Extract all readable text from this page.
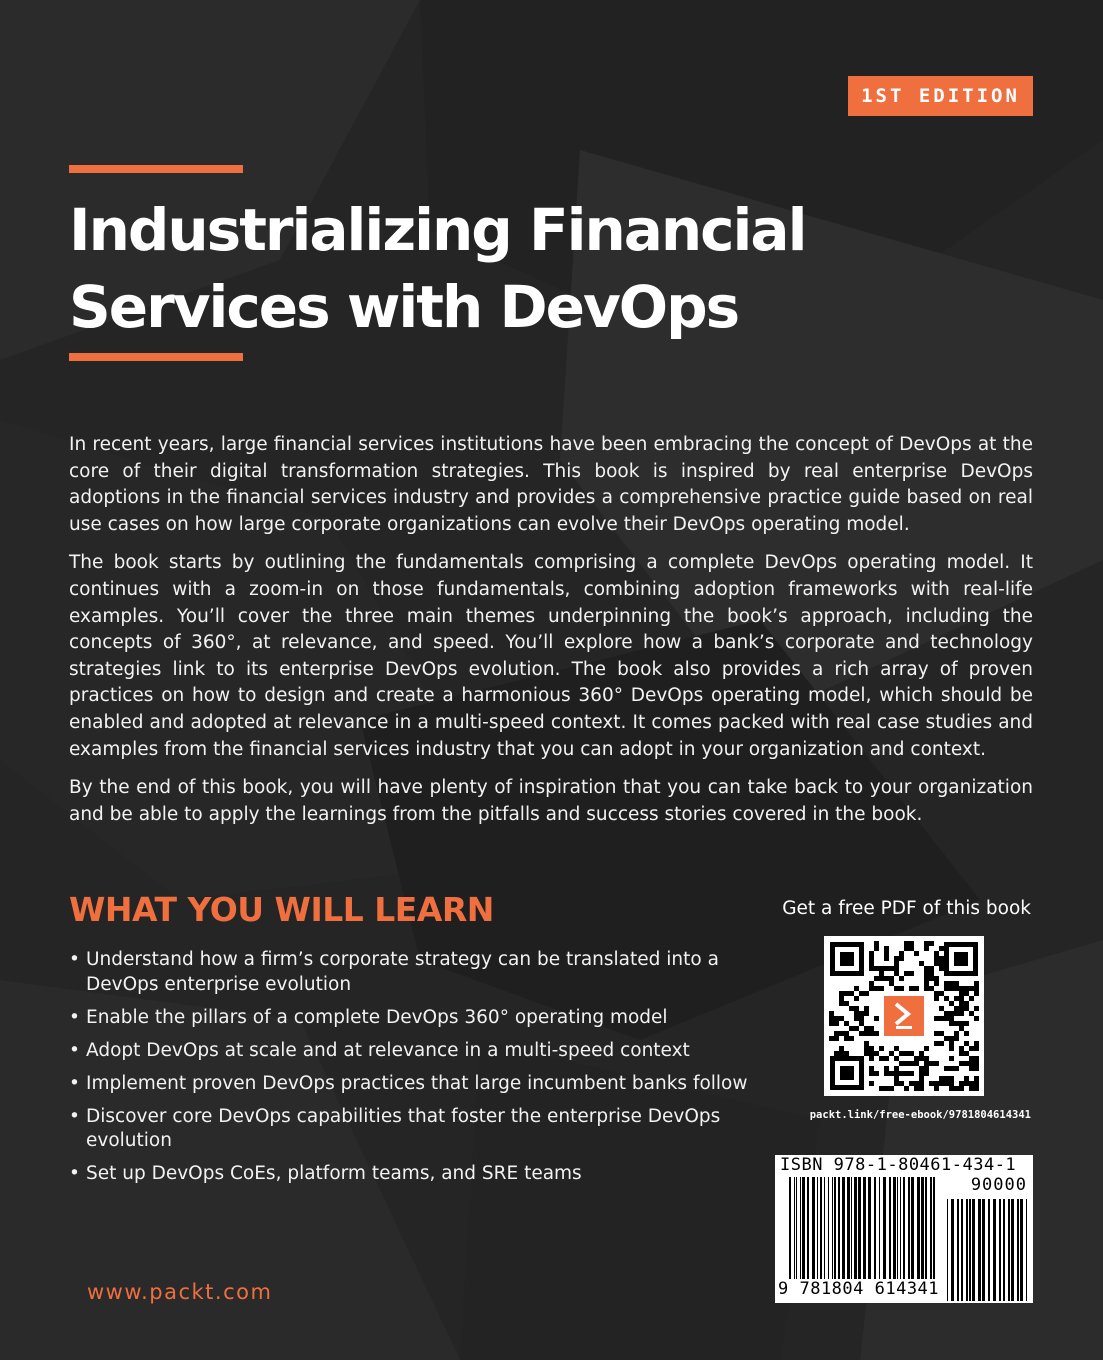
1ST EDITION
Industrializing Financial
Services with DevOps

In recent years, large financial services institutions have been embracing the concept of DevOps at the core of their digital transformation strategies. This book is inspired by real enterprise DevOps adoptions in the financial services industry and provides a comprehensive practice guide based on real use cases on how large corporate organizations can evolve their DevOps operating model.

The book starts by outlining the fundamentals comprising a complete DevOps operating model. It continues with a zoom-in on those fundamentals, combining adoption frameworks with real-life examples. You’ll cover the three main themes underpinning the book’s approach, including the concepts of 360°, at relevance, and speed. You’ll explore how a bank’s corporate and technology strategies link to its enterprise DevOps evolution. The book also provides a rich array of proven practices on how to design and create a harmonious 360° DevOps operating model, which should be enabled and adopted at relevance in a multi-speed context. It comes packed with real case studies and examples from the financial services industry that you can adopt in your organization and context.

By the end of this book, you will have plenty of inspiration that you can take back to your organization and be able to apply the learnings from the pitfalls and success stories covered in the book.

WHAT YOU WILL LEARN
• Understand how a firm’s corporate strategy can be translated into a DevOps enterprise evolution
• Enable the pillars of a complete DevOps 360° operating model
• Adopt DevOps at scale and at relevance in a multi-speed context
• Implement proven DevOps practices that large incumbent banks follow
• Discover core DevOps capabilities that foster the enterprise DevOps evolution
• Set up DevOps CoEs, platform teams, and SRE teams
www.packt.com
Get a free PDF of this book
packt.link/free-ebook/9781804614341
ISBN 978-1-80461-434-1
90000
9 781804 614341
